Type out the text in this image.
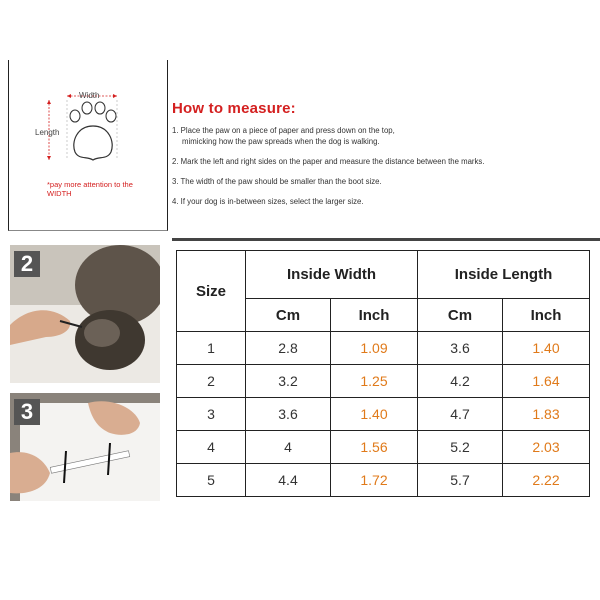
Width
Length
*pay more attention to the WIDTH
How to measure:
1. Place the paw on a piece of paper and press down on the top,
mimicking how the paw spreads when the dog is walking.
2. Mark the left and right sides on the paper and measure the distance between the marks.
3. The width of the paw should be smaller than the boot size.
4. If your dog is in-between sizes, select the larger size.
2
3
Size	Inside Width		Inside Length	
	Cm	Inch	Cm	Inch
1	2.8	1.09	3.6	1.40
2	3.2	1.25	4.2	1.64
3	3.6	1.40	4.7	1.83
4	4	1.56	5.2	2.03
5	4.4	1.72	5.7	2.22
